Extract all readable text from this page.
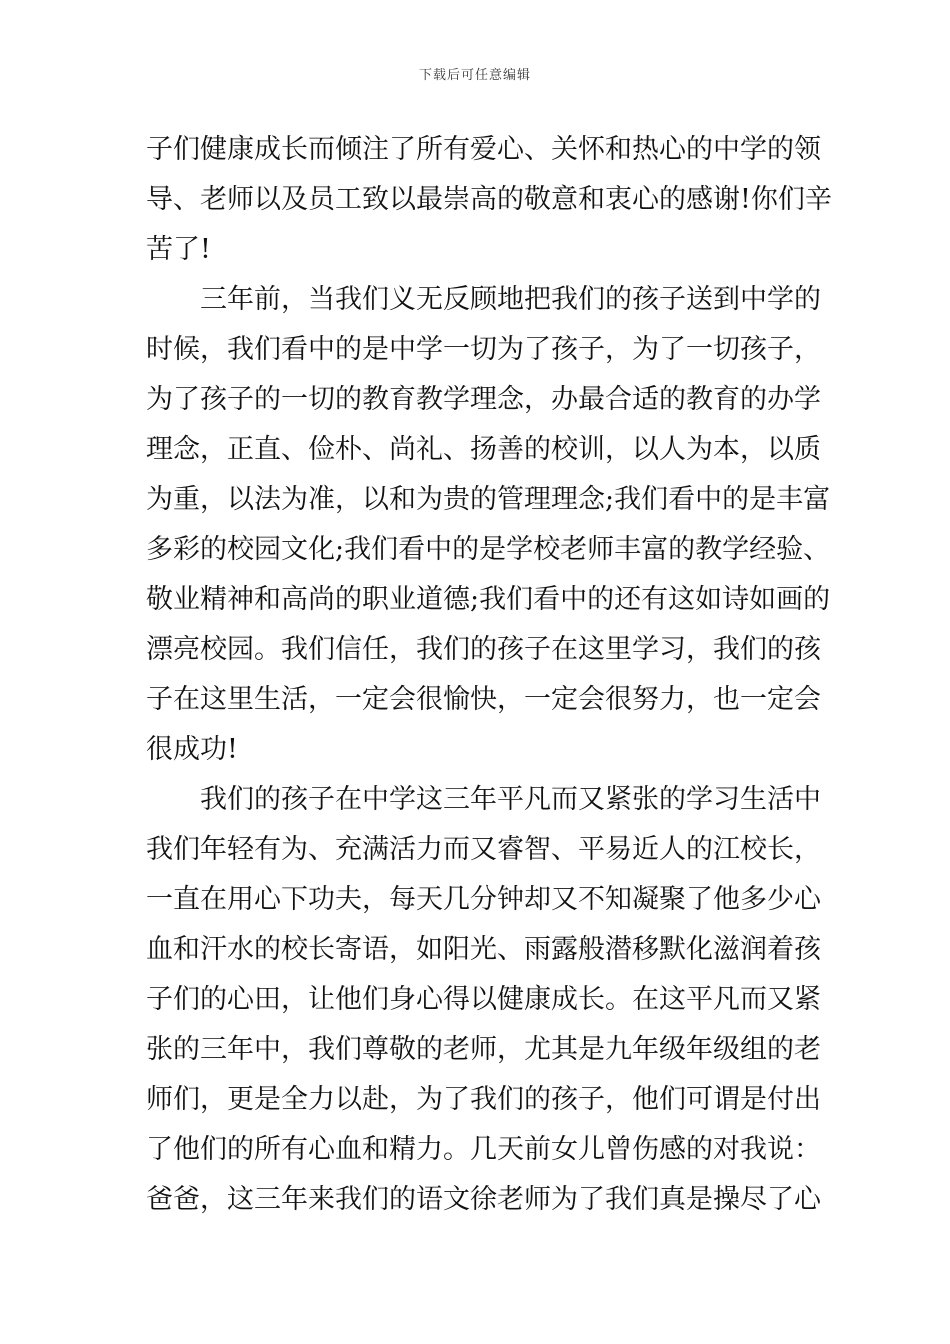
下载后可任意编辑
子们健康成长而倾注了所有爱心、关怀和热心的中学的领
导、老师以及员工致以最崇高的敬意和衷心的感谢!你们辛
苦了!
三年前，当我们义无反顾地把我们的孩子送到中学的
时候，我们看中的是中学一切为了孩子，为了一切孩子，
为了孩子的一切的教育教学理念，办最合适的教育的办学
理念，正直、俭朴、尚礼、扬善的校训，以人为本，以质
为重，以法为准，以和为贵的管理理念;我们看中的是丰富
多彩的校园文化;我们看中的是学校老师丰富的教学经验、
敬业精神和高尚的职业道德;我们看中的还有这如诗如画的
漂亮校园。我们信任，我们的孩子在这里学习，我们的孩
子在这里生活，一定会很愉快，一定会很努力，也一定会
很成功!
我们的孩子在中学这三年平凡而又紧张的学习生活中
我们年轻有为、充满活力而又睿智、平易近人的江校长，
一直在用心下功夫，每天几分钟却又不知凝聚了他多少心
血和汗水的校长寄语，如阳光、雨露般潜移默化滋润着孩
子们的心田，让他们身心得以健康成长。在这平凡而又紧
张的三年中，我们尊敬的老师，尤其是九年级年级组的老
师们，更是全力以赴，为了我们的孩子，他们可谓是付出
了他们的所有心血和精力。几天前女儿曾伤感的对我说：
爸爸，这三年来我们的语文徐老师为了我们真是操尽了心
